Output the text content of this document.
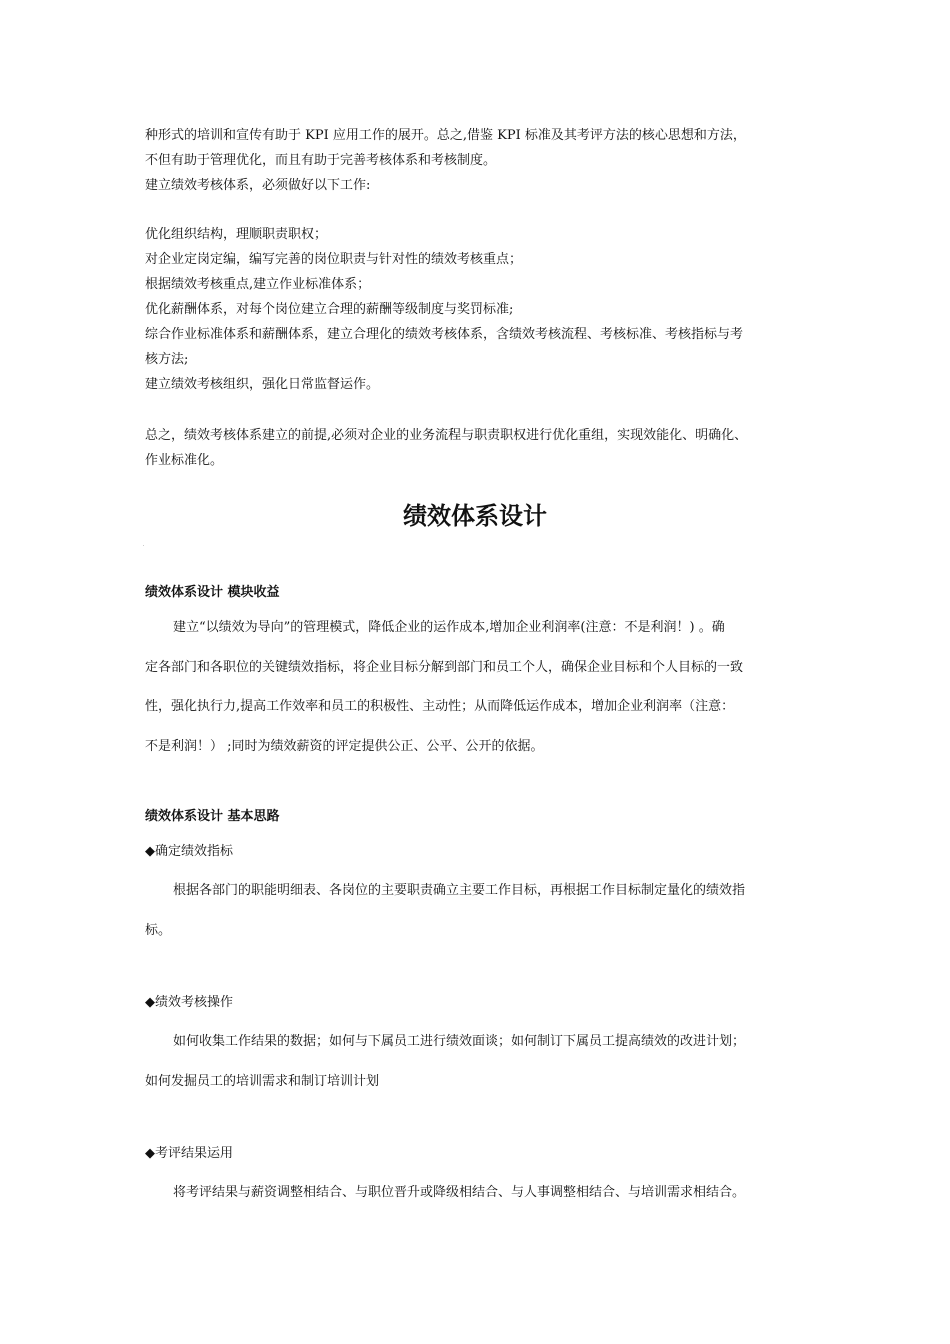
种形式的培训和宣传有助于 KPI 应用工作的展开。总之,借鉴 KPI 标准及其考评方法的核心思想和方法，
不但有助于管理优化，而且有助于完善考核体系和考核制度。
建立绩效考核体系，必须做好以下工作:
优化组织结构，理顺职责职权；
对企业定岗定编，编写完善的岗位职责与针对性的绩效考核重点；
根据绩效考核重点,建立作业标准体系；
优化薪酬体系，对每个岗位建立合理的薪酬等级制度与奖罚标准;
综合作业标准体系和薪酬体系，建立合理化的绩效考核体系，含绩效考核流程、考核标准、考核指标与考
核方法;
建立绩效考核组织，强化日常监督运作。
总之，绩效考核体系建立的前提,必须对企业的业务流程与职责职权进行优化重组，实现效能化、明确化、
作业标准化。
绩效体系设计
绩效体系设计 模块收益
建立“以绩效为导向”的管理模式，降低企业的运作成本,增加企业利润率(注意：不是利润！) 。确
定各部门和各职位的关键绩效指标，将企业目标分解到部门和员工个人，确保企业目标和个人目标的一致
性，强化执行力,提高工作效率和员工的积极性、主动性；从而降低运作成本，增加企业利润率（注意：
不是利润！） ;同时为绩效薪资的评定提供公正、公平、公开的依据。
绩效体系设计 基本思路
◆确定绩效指标
根据各部门的职能明细表、各岗位的主要职责确立主要工作目标，再根据工作目标制定量化的绩效指
标。
◆绩效考核操作
如何收集工作结果的数据；如何与下属员工进行绩效面谈；如何制订下属员工提高绩效的改进计划；
如何发掘员工的培训需求和制订培训计划
◆考评结果运用
将考评结果与薪资调整相结合、与职位晋升或降级相结合、与人事调整相结合、与培训需求相结合。
